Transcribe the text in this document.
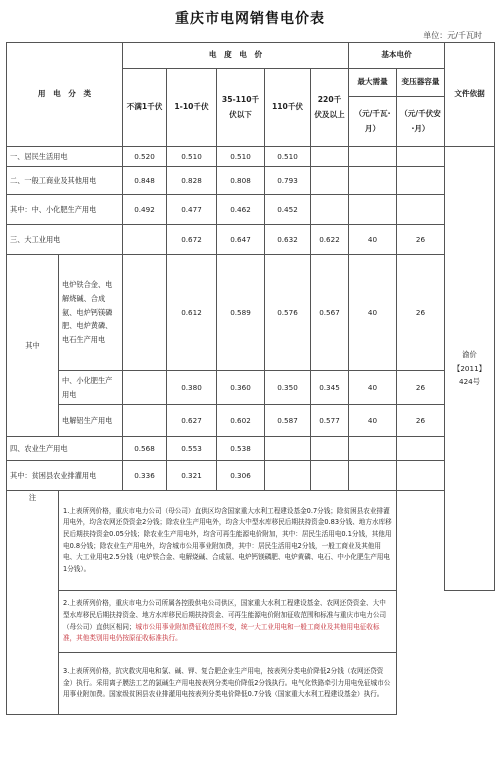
重庆市电网销售电价表
单位：元/千瓦时
用　电　分　类		电　度　电　价					基本电价		文件依据
		不满1千伏	1-10千伏	35-110千伏以下	110千伏	220千伏及以上	最大需量	变压器容量	
							（元/千瓦·月）	（元/千伏安·月）	
一、居民生活用电		0.520	0.510	0.510	0.510				渝价【2011】424号
二、一般工商业及其他用电		0.848	0.828	0.808	0.793				
其中：中、小化肥生产用电		0.492	0.477	0.462	0.452				
三、大工业用电			0.672	0.647	0.632	0.622	40	26	
其中	电炉铁合金、电解烧碱、合成氨、电炉钙镁磷肥、电炉黄磷、电石生产用电		0.612	0.589	0.576	0.567	40	26	
	中、小化肥生产用电		0.380	0.360	0.350	0.345	40	26	
	电解铝生产用电		0.627	0.602	0.587	0.577	40	26	
四、农业生产用电		0.568	0.553	0.538					
其中：贫困县农业排灌用电		0.336	0.321	0.306					
注	1.上表所列价格，重庆市电力公司（母公司）直供区均含国家重大水利工程建设基金0.7分钱；除贫困县农业排灌用电外，均含农网还贷资金2分钱；除农业生产用电外，均含大中型水库移民后期扶持资金0.83分钱、地方水库移民后期扶持资金0.05分钱；除农业生产用电外，均含可再生能源电价附加，其中：居民生活用电0.1分钱，其他用电0.8分钱；除农业生产用电外，均含城市公用事业附加费，其中：居民生活用电2分钱，一般工商业及其他用电、大工业用电2.5分钱（电炉铁合金、电解烧碱、合成氨、电炉钙镁磷肥、电炉黄磷、电石、中小化肥生产用电1分钱）。								
	2.上表所列价格，重庆市电力公司所属各控股供电公司供区，国家重大水利工程建设基金、农网还贷资金、大中型水库移民后期扶持资金、地方水库移民后期扶持资金、可再生能源电价附加征收范围和标准与重庆市电力公司（母公司）直供区相同；城市公用事业附加费征收范围不变，统一大工业用电和一般工商业及其他用电征收标准，其他类别用电仍按原征收标准执行。								
	3.上表所列价格，抗灾救灾用电和氯、碱、钾、复合肥企业生产用电，按表列分类电价降低2分钱（农网还贷资金）执行。采用离子膜法工艺的氯碱生产用电按表列分类电价降低2分钱执行。电气化铁路牵引力用电免征城市公用事业附加费。国家级贫困县农业排灌用电按表列分类电价降低0.7分钱（国家重大水利工程建设基金）执行。								
